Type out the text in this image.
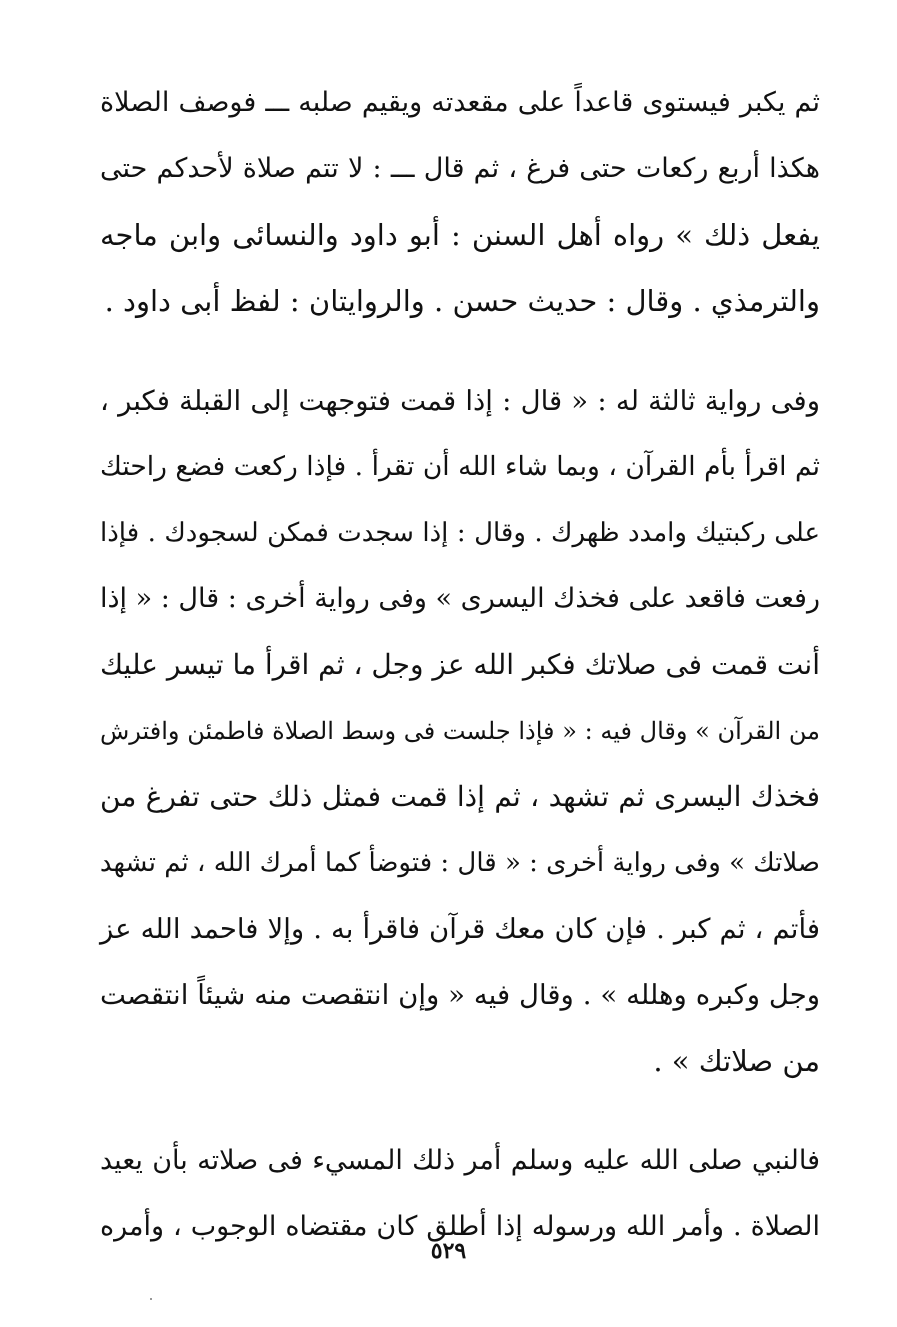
ثم يكبر فيستوى قاعداً على مقعدته ويقيم صلبه ـــ فوصف الصلاة
هكذا أربع ركعات حتى فرغ ، ثم قال ـــ : لا تتم صلاة لأحدكم حتى
يفعل ذلك » رواه أهل السنن : أبو داود والنسائى وابن ماجه
والترمذي . وقال : حديث حسن . والروايتان : لفظ أبى داود .

وفى رواية ثالثة له : « قال : إذا قمت فتوجهت إلى القبلة فكبر ،
ثم اقرأ بأم القرآن ، وبما شاء الله أن تقرأ . فإذا ركعت فضع راحتك
على ركبتيك وامدد ظهرك . وقال : إذا سجدت فمكن لسجودك . فإذا
رفعت فاقعد على فخذك اليسرى » وفى رواية أخرى : قال : « إذا
أنت قمت فى صلاتك فكبر الله عز وجل ، ثم اقرأ ما تيسر عليك
من القرآن » وقال فيه : « فإذا جلست فى وسط الصلاة فاطمئن وافترش
فخذك اليسرى ثم تشهد ، ثم إذا قمت فمثل ذلك حتى تفرغ من
صلاتك » وفى رواية أخرى : « قال : فتوضأ كما أمرك الله ، ثم تشهد
فأتم ، ثم كبر . فإن كان معك قرآن فاقرأ به . وإلا فاحمد الله عز
وجل وكبره وهلله » . وقال فيه « وإن انتقصت منه شيئاً انتقصت
من صلاتك » .

فالنبي صلى الله عليه وسلم أمر ذلك المسيء فى صلاته بأن يعيد
الصلاة . وأمر الله ورسوله إذا أطلق كان مقتضاه الوجوب ، وأمره

٥٢٩
